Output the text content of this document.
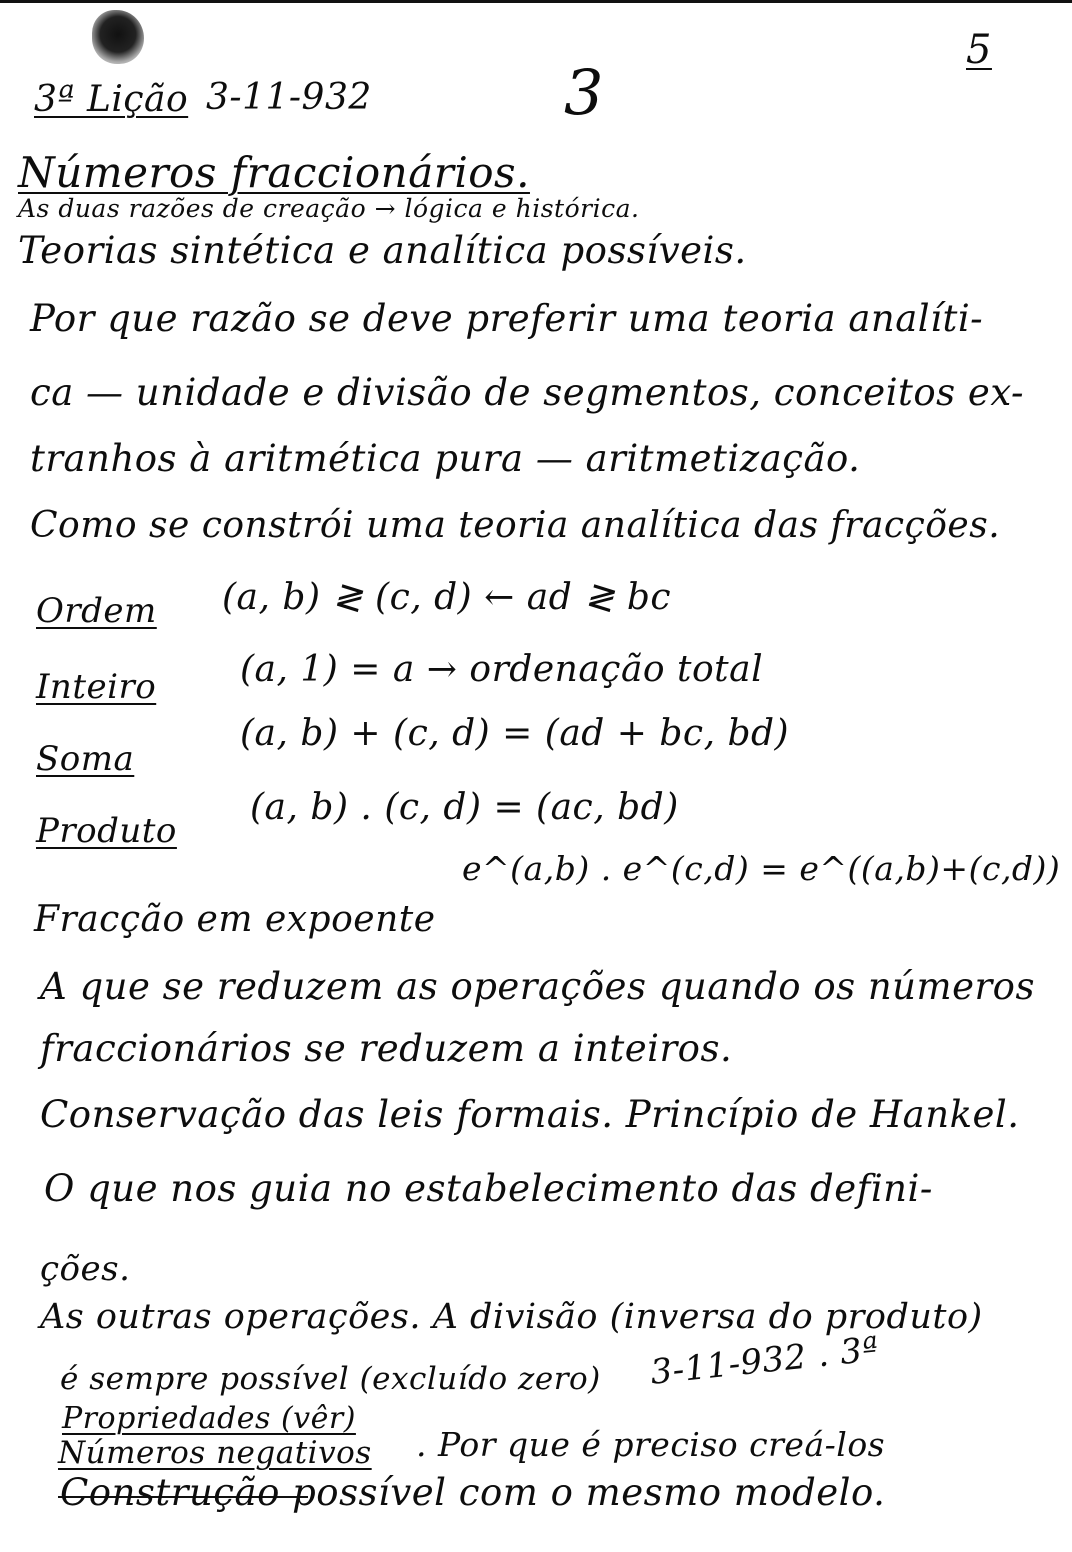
3ª Lição 3-11-932	3
5
Números fraccionários.
As duas razões de creação → lógica e histórica.
Teorias sintética e analítica possíveis.
Por que razão se deve preferir uma teoria analíti-
ca — unidade e divisão de segmentos, conceitos ex-
tranhos à aritmética pura — aritmetização.
Como se constrói uma teoria analítica das fracções.
Ordem (a, b) ≷ (c, d) ← ad ≷ bc
Inteiro (a, 1) = a → ordenação total
Soma
(a, b) + (c, d) = (ad + bc, bd)
Produto
(a, b) . (c, d) = (ac, bd)
Fracção em expoente
e^(a,b) . e^(c,d) = e^((a,b)+(c,d))
A que se reduzem as operações quando os números
fraccionários se reduzem a inteiros.
Conservação das leis formais. Princípio de Hankel.
O que nos guia no estabelecimento das defini-
ções.
As outras operações. A divisão (inversa do produto)
é sempre possível (excluído zero) 3-11-932 . 3ª
Propriedades (vêr)
Números negativos . Por que é preciso creá-los
Construção possível com o mesmo modelo.
